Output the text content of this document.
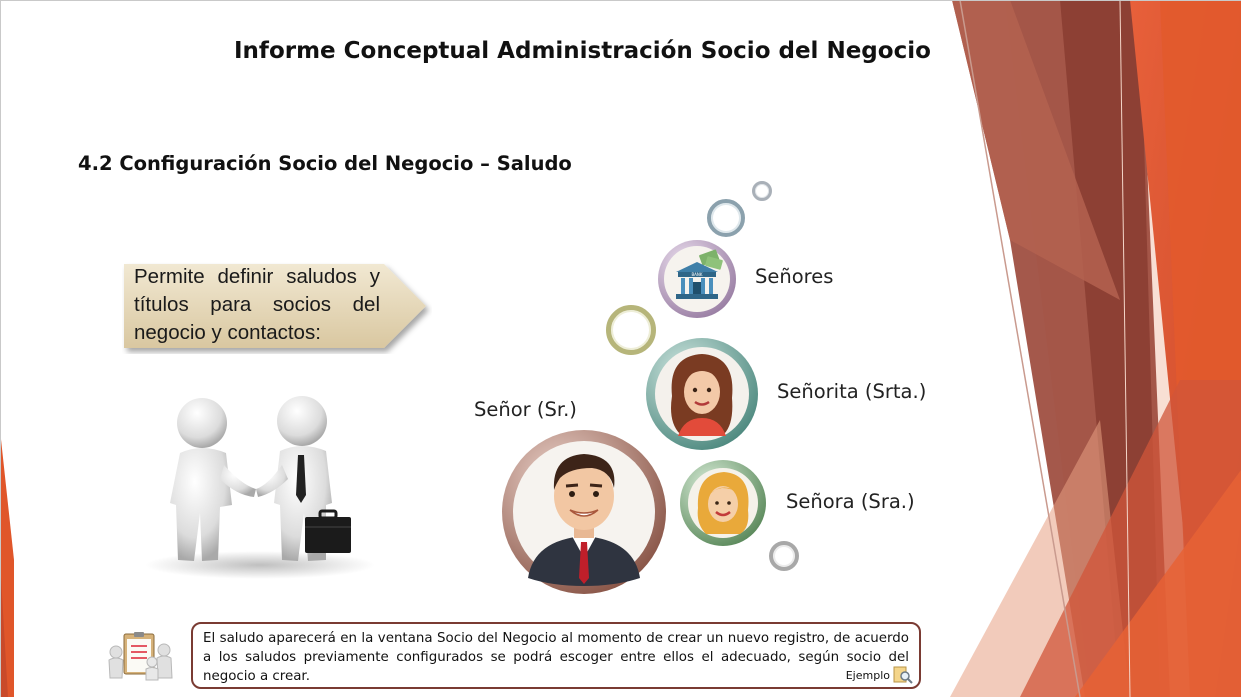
Informe Conceptual Administración Socio del Negocio
4.2 Configuración Socio del Negocio – Saludo
Permite definir saludos y títulos para socios del negocio y contactos:
BANK	Señores
Señorita (Srta.)
Señor (Sr.)
Señora (Sra.)

El saludo aparecerá en la ventana Socio del Negocio al momento de crear un nuevo registro, de acuerdo a los saludos previamente configurados se podrá escoger entre ellos el adecuado, según socio del negocio a crear.	Ejemplo
